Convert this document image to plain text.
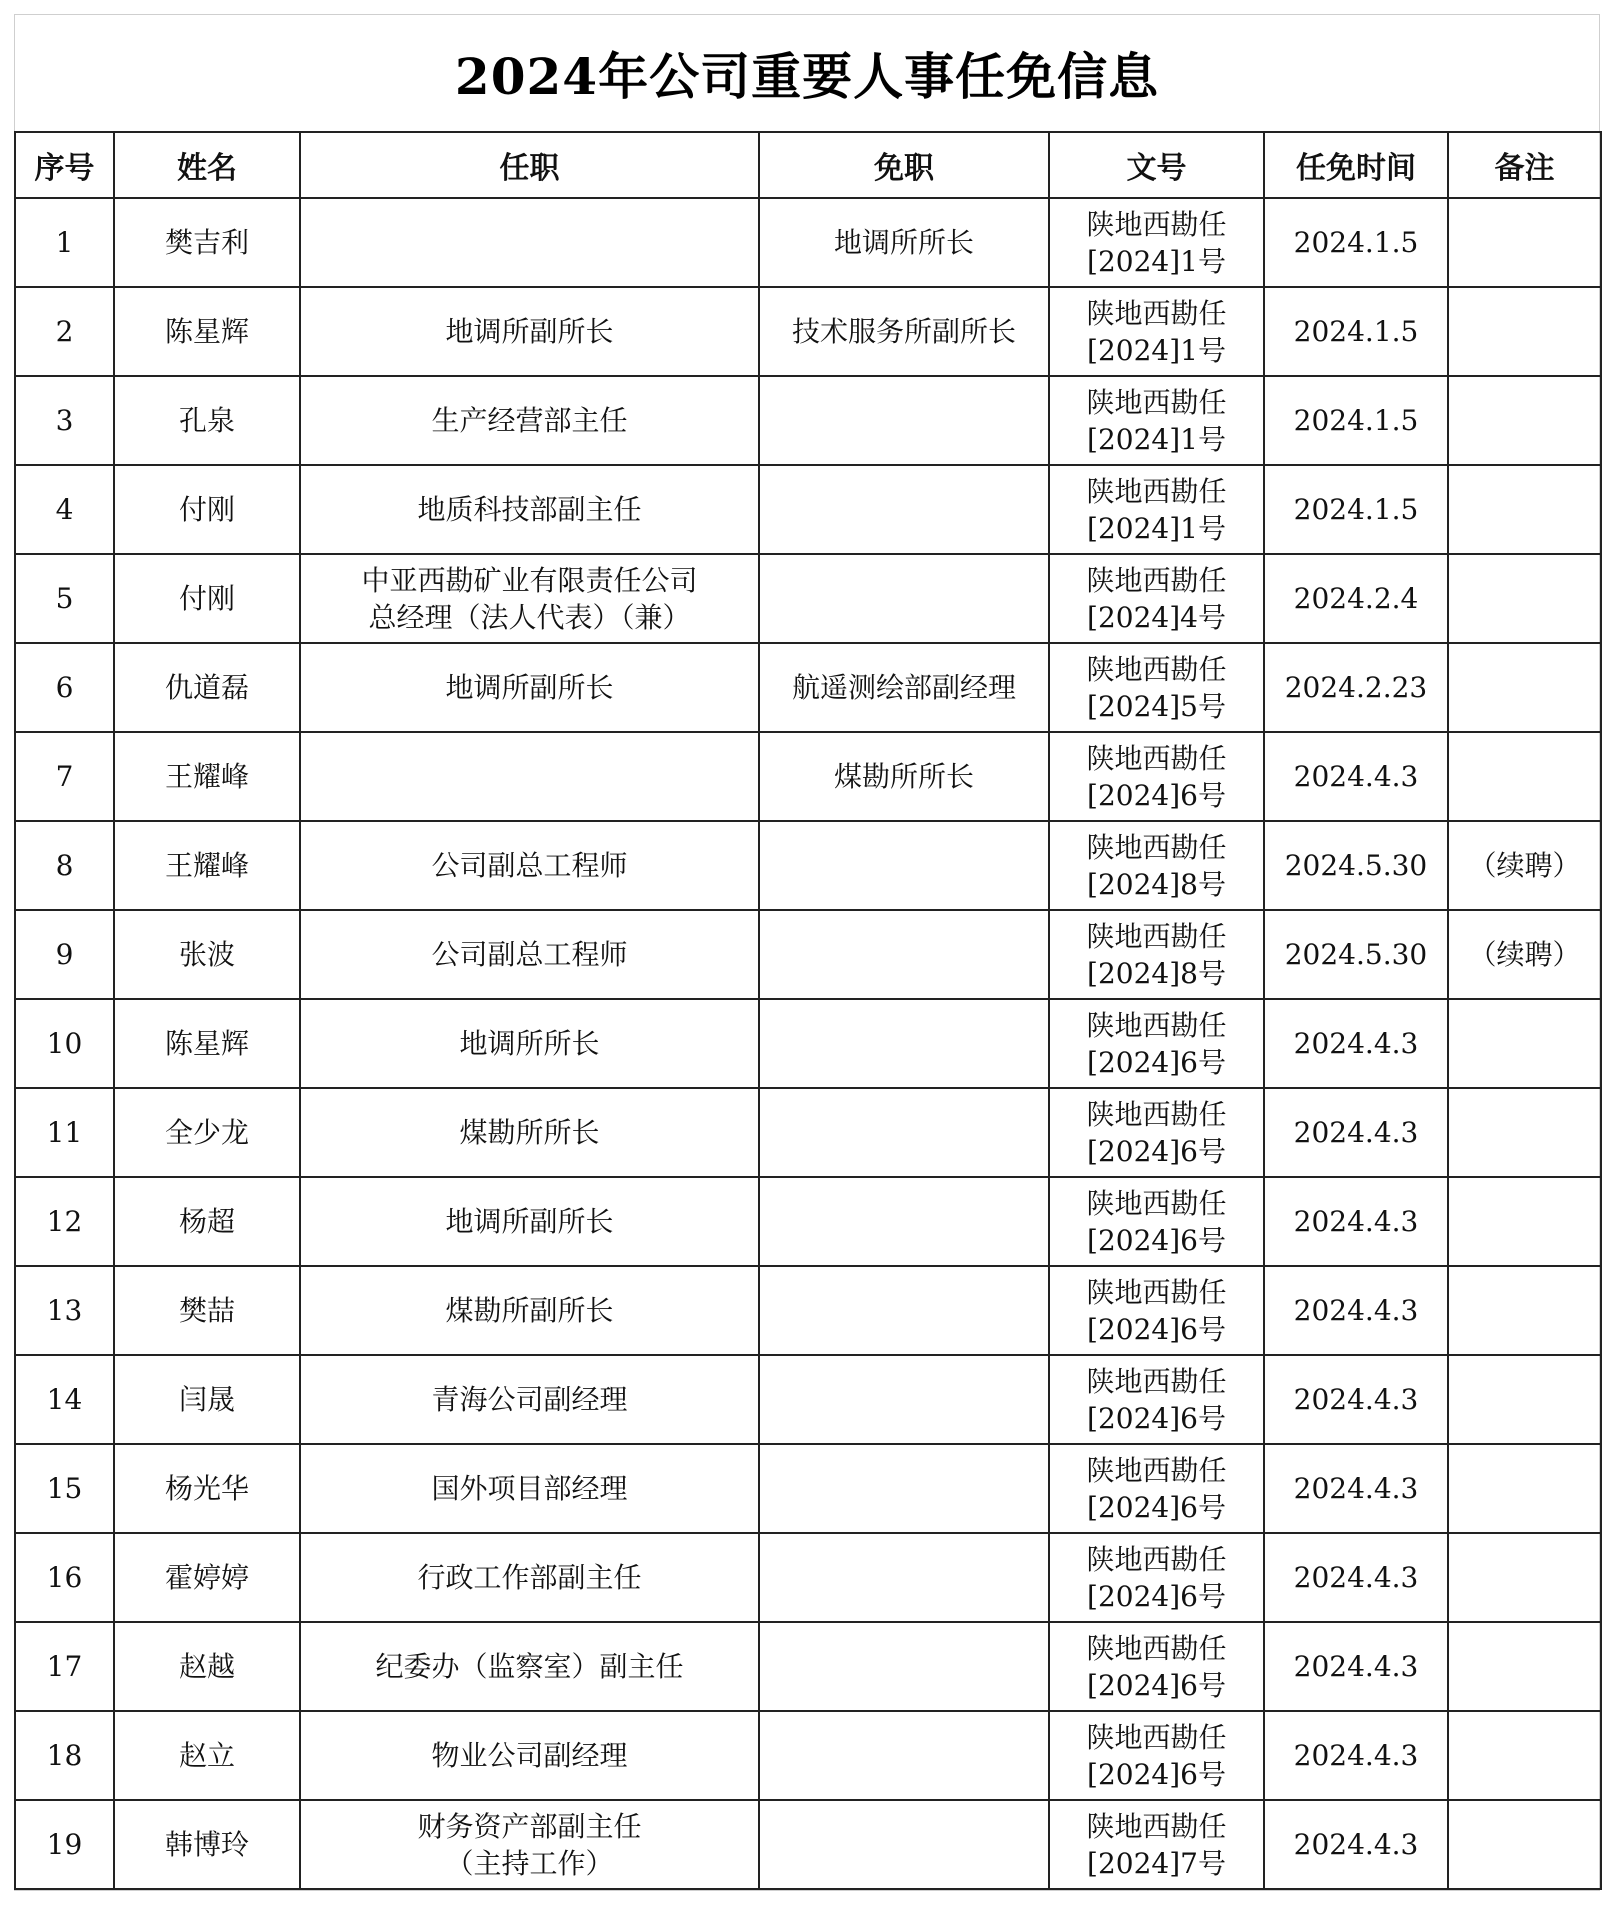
2024年公司重要人事任免信息
序号	姓名	任职	免职	文号	任免时间	备注
1	樊吉利		地调所所长	陕地西勘任
[2024]1号	2024.1.5	
2	陈星辉	地调所副所长	技术服务所副所长	陕地西勘任
[2024]1号	2024.1.5	
3	孔泉	生产经营部主任		陕地西勘任
[2024]1号	2024.1.5	
4	付刚	地质科技部副主任		陕地西勘任
[2024]1号	2024.1.5	
5	付刚	中亚西勘矿业有限责任公司
总经理（法人代表）（兼）		陕地西勘任
[2024]4号	2024.2.4	
6	仇道磊	地调所副所长	航遥测绘部副经理	陕地西勘任
[2024]5号	2024.2.23	
7	王耀峰		煤勘所所长	陕地西勘任
[2024]6号	2024.4.3	
8	王耀峰	公司副总工程师		陕地西勘任
[2024]8号	2024.5.30	（续聘）
9	张波	公司副总工程师		陕地西勘任
[2024]8号	2024.5.30	（续聘）
10	陈星辉	地调所所长		陕地西勘任
[2024]6号	2024.4.3	
11	全少龙	煤勘所所长		陕地西勘任
[2024]6号	2024.4.3	
12	杨超	地调所副所长		陕地西勘任
[2024]6号	2024.4.3	
13	樊喆	煤勘所副所长		陕地西勘任
[2024]6号	2024.4.3	
14	闫晟	青海公司副经理		陕地西勘任
[2024]6号	2024.4.3	
15	杨光华	国外项目部经理		陕地西勘任
[2024]6号	2024.4.3	
16	霍婷婷	行政工作部副主任		陕地西勘任
[2024]6号	2024.4.3	
17	赵越	纪委办（监察室）副主任		陕地西勘任
[2024]6号	2024.4.3	
18	赵立	物业公司副经理		陕地西勘任
[2024]6号	2024.4.3	
19	韩博玲	财务资产部副主任
（主持工作）		陕地西勘任
[2024]7号	2024.4.3	
